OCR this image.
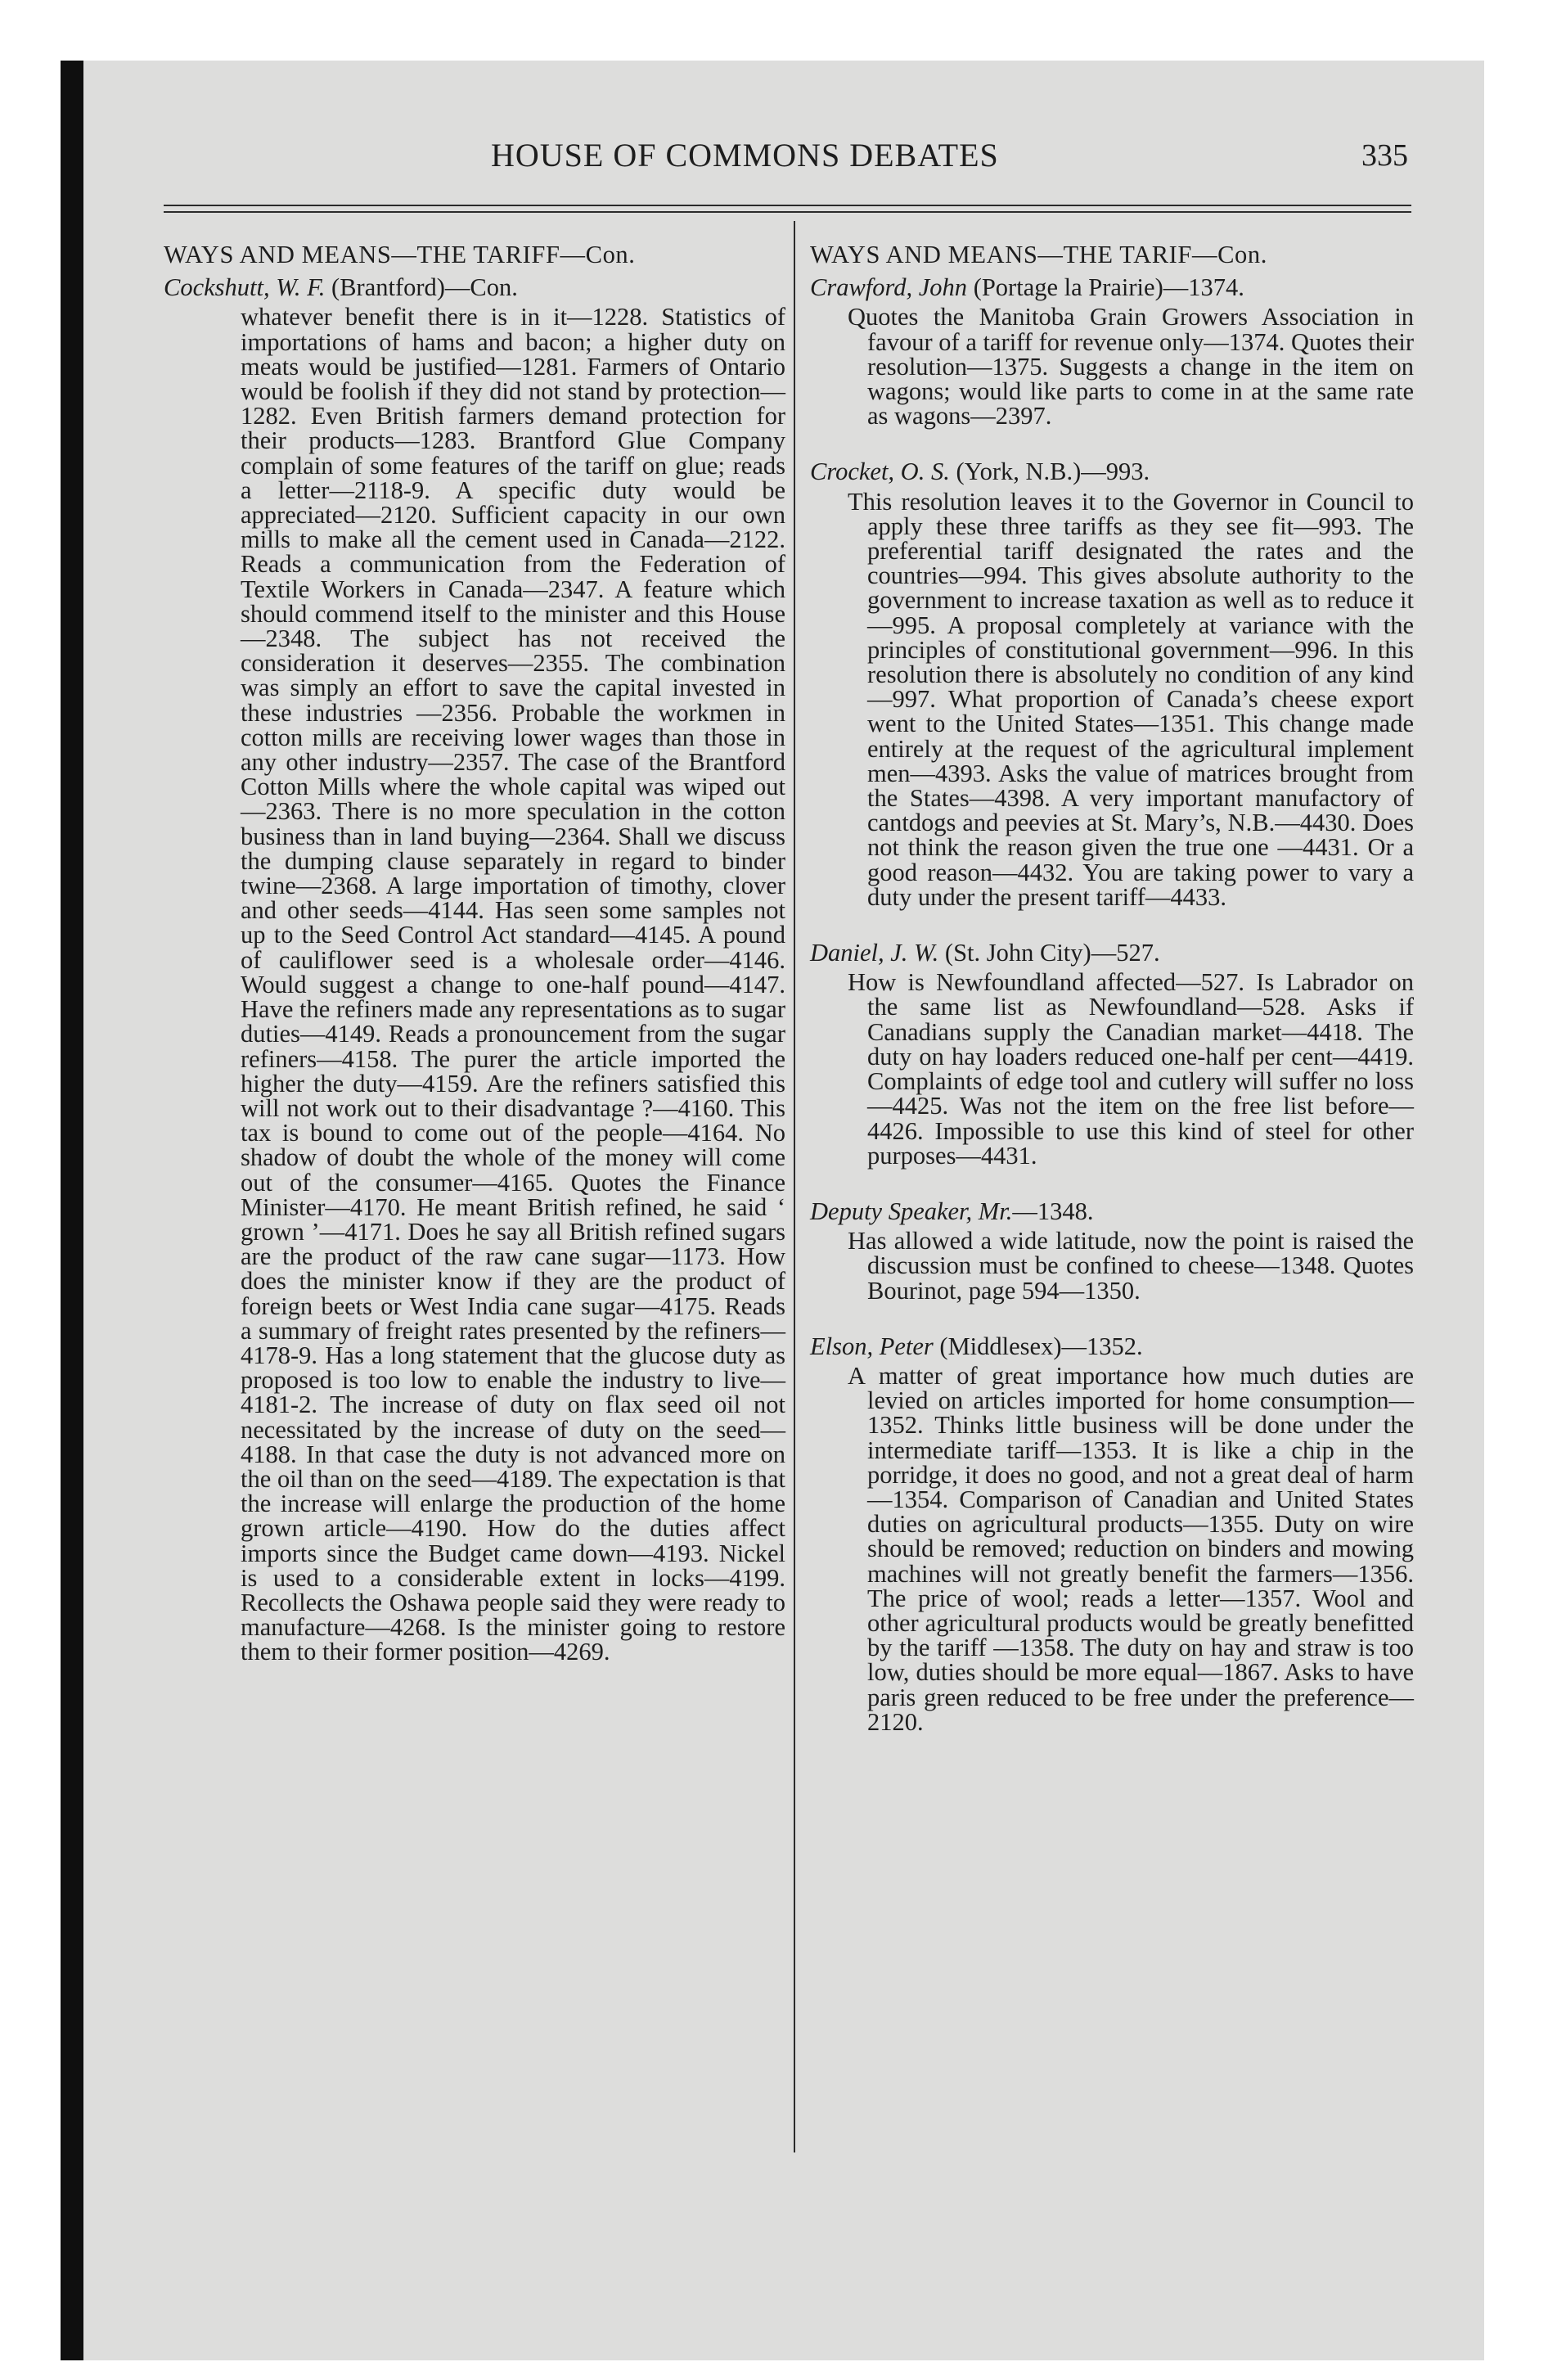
HOUSE OF COMMONS DEBATES	335
WAYS AND MEANS—THE TARIFF—Con.
Cockshutt, W. F. (Brantford)—Con.

whatever benefit there is in it—1228. Statistics of importations of hams and bacon; a higher duty on meats would be justified—1281. Farmers of Ontario would be foolish if they did not stand by protection—1282. Even British farmers demand protection for their products—1283. Brantford Glue Company complain of some features of the tariff on glue; reads a letter—2118-9. A specific duty would be appreciated—2120. Sufficient capacity in our own mills to make all the cement used in Canada—2122. Reads a communication from the Federation of Textile Workers in Canada—2347. A feature which should commend itself to the minister and this House—2348. The subject has not received the consideration it deserves—2355. The combination was simply an effort to save the capital invested in these industries —2356. Probable the workmen in cotton mills are receiving lower wages than those in any other industry—2357. The case of the Brantford Cotton Mills where the whole capital was wiped out —2363. There is no more speculation in the cotton business than in land buying—2364. Shall we discuss the dumping clause separately in regard to binder twine—2368. A large importation of timothy, clover and other seeds—4144. Has seen some samples not up to the Seed Control Act standard—4145. A pound of cauliflower seed is a wholesale order—4146. Would suggest a change to one-half pound—4147. Have the refiners made any representations as to sugar duties—4149. Reads a pronouncement from the sugar refiners—4158. The purer the article imported the higher the duty—4159. Are the refiners satisfied this will not work out to their disadvantage ?—4160. This tax is bound to come out of the people—4164. No shadow of doubt the whole of the money will come out of the consumer—4165. Quotes the Finance Minister—4170. He meant British refined, he said ‘ grown ’—4171. Does he say all British refined sugars are the product of the raw cane sugar—1173. How does the minister know if they are the product of foreign beets or West India cane sugar—4175. Reads a summary of freight rates presented by the refiners—4178-9. Has a long statement that the glucose duty as proposed is too low to enable the industry to live—4181-2. The increase of duty on flax seed oil not necessitated by the increase of duty on the seed—4188. In that case the duty is not advanced more on the oil than on the seed—4189. The expectation is that the increase will enlarge the production of the home grown article—4190. How do the duties affect imports since the Budget came down—4193. Nickel is used to a considerable extent in locks—4199. Recollects the Oshawa people said they were ready to manufacture—4268. Is the minister going to restore them to their former position—4269.

WAYS AND MEANS—THE TARIF—Con.
Crawford, John (Portage la Prairie)—1374.

Quotes the Manitoba Grain Growers Association in favour of a tariff for revenue only—1374. Quotes their resolution—1375. Suggests a change in the item on wagons; would like parts to come in at the same rate as wagons—2397.

Crocket, O. S. (York, N.B.)—993.

This resolution leaves it to the Governor in Council to apply these three tariffs as they see fit—993. The preferential tariff designated the rates and the countries—994. This gives absolute authority to the government to increase taxation as well as to reduce it—995. A proposal completely at variance with the principles of constitutional government—996. In this resolution there is absolutely no condition of any kind—997. What proportion of Canada’s cheese export went to the United States—1351. This change made entirely at the request of the agricultural implement men—4393. Asks the value of matrices brought from the States—4398. A very important manufactory of cantdogs and peevies at St. Mary’s, N.B.—4430. Does not think the reason given the true one —4431. Or a good reason—4432. You are taking power to vary a duty under the present tariff—4433.

Daniel, J. W. (St. John City)—527.

How is Newfoundland affected—527. Is Labrador on the same list as Newfoundland—528. Asks if Canadians supply the Canadian market—4418. The duty on hay loaders reduced one-half per cent—4419. Complaints of edge tool and cutlery will suffer no loss—4425. Was not the item on the free list before—4426. Impossible to use this kind of steel for other purposes—4431.

Deputy Speaker, Mr.—1348.

Has allowed a wide latitude, now the point is raised the discussion must be confined to cheese—1348. Quotes Bourinot, page 594—1350.

Elson, Peter (Middlesex)—1352.

A matter of great importance how much duties are levied on articles imported for home consumption—1352. Thinks little business will be done under the intermediate tariff—1353. It is like a chip in the porridge, it does no good, and not a great deal of harm—1354. Comparison of Canadian and United States duties on agricultural products—1355. Duty on wire should be removed; reduction on binders and mowing machines will not greatly benefit the farmers—1356. The price of wool; reads a letter—1357. Wool and other agricultural products would be greatly benefitted by the tariff —1358. The duty on hay and straw is too low, duties should be more equal—1867. Asks to have paris green reduced to be free under the preference—2120.
